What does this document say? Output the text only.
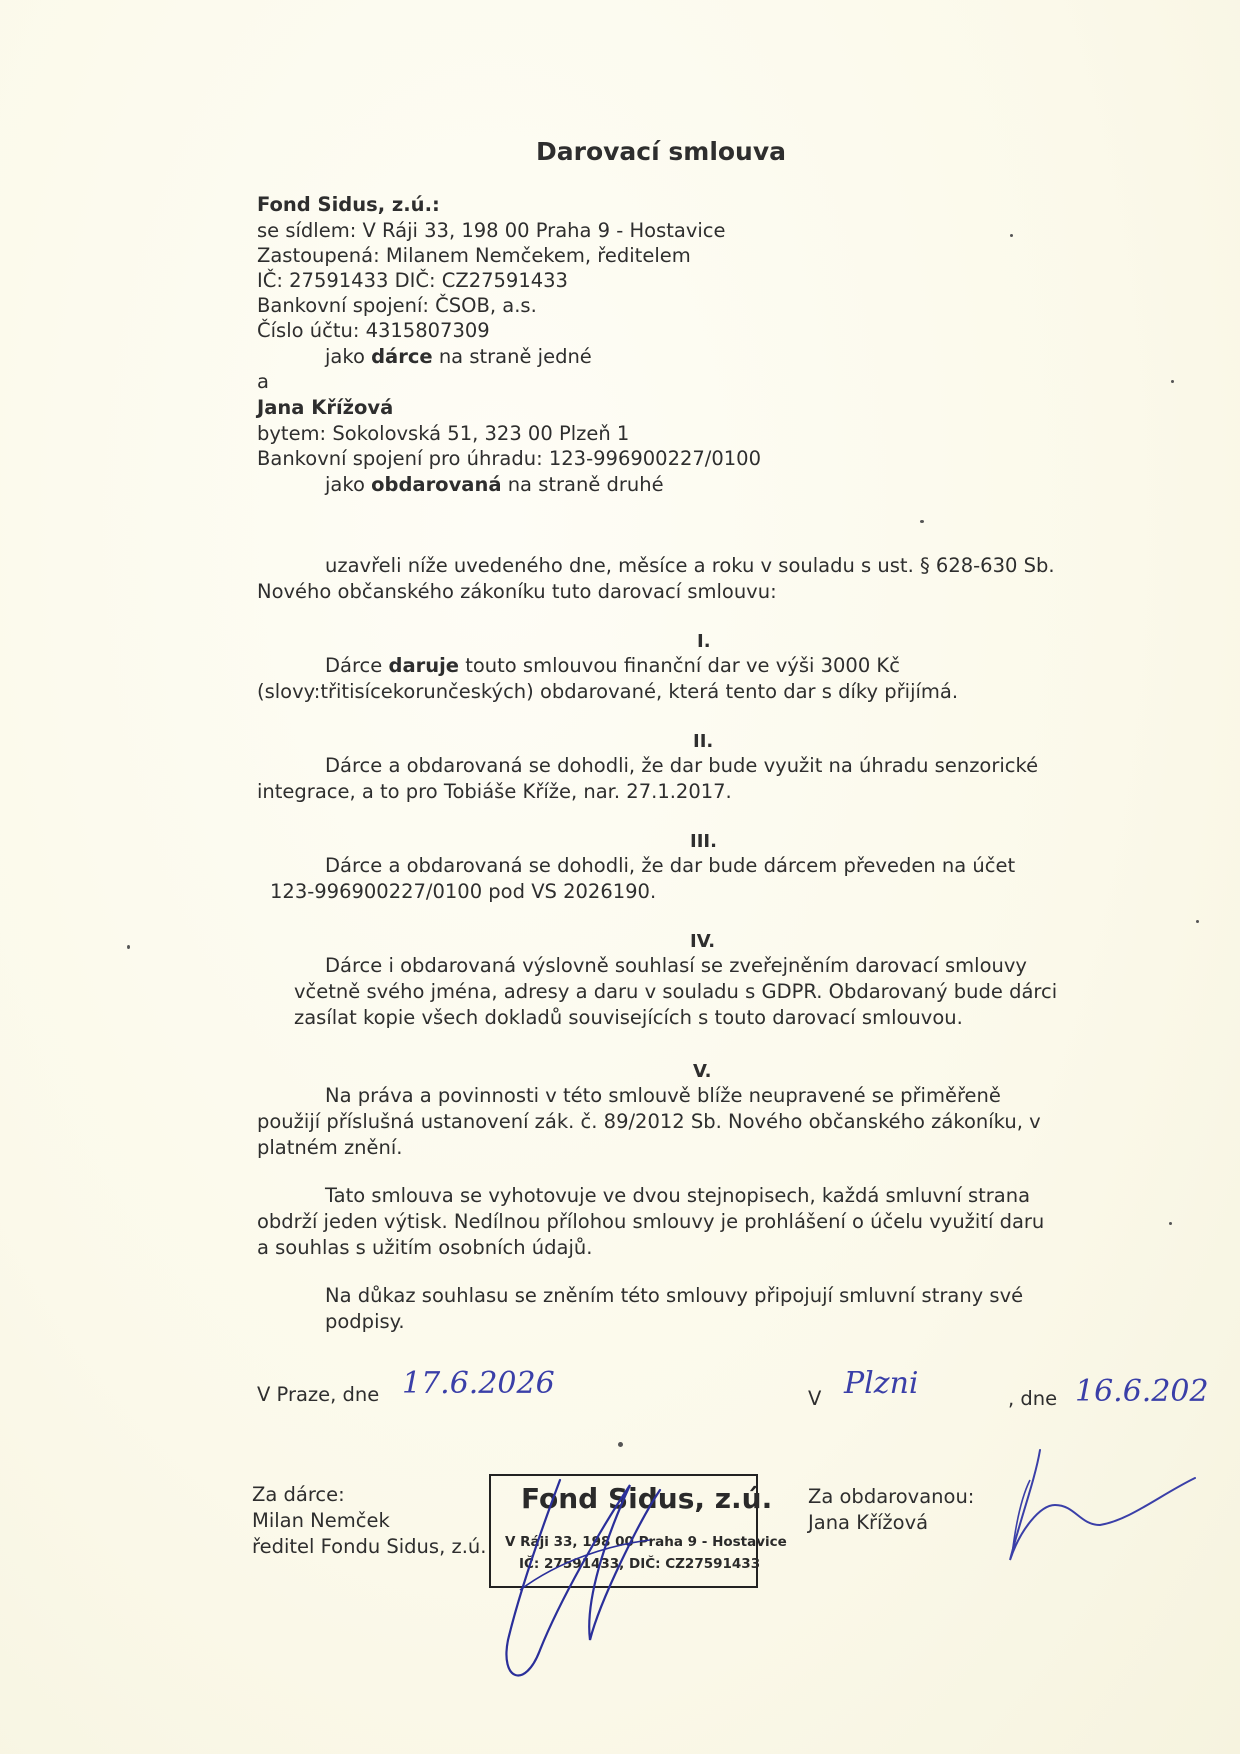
Darovací smlouva
Fond Sidus, z.ú.:
se sídlem: V Ráji 33, 198 00 Praha 9 - Hostavice
Zastoupená: Milanem Nemčekem, ředitelem
IČ: 27591433 DIČ: CZ27591433
Bankovní spojení: ČSOB, a.s.
Číslo účtu: 4315807309
jako dárce na straně jedné
a
Jana Křížová
bytem: Sokolovská 51, 323 00 Plzeň 1
Bankovní spojení pro úhradu: 123-996900227/0100
jako obdarovaná na straně druhé
uzavřeli níže uvedeného dne, měsíce a roku v souladu s ust. § 628-630 Sb.
Nového občanského zákoníku tuto darovací smlouvu:
I.
Dárce daruje touto smlouvou finanční dar ve výši 3000 Kč
(slovy:třitisícekorunčeských) obdarované, která tento dar s díky přijímá.
II.
Dárce a obdarovaná se dohodli, že dar bude využit na úhradu senzorické
integrace, a to pro Tobiáše Kříže, nar. 27.1.2017.
III.
Dárce a obdarovaná se dohodli, že dar bude dárcem převeden na účet
123-996900227/0100 pod VS 2026190.
IV.
Dárce i obdarovaná výslovně souhlasí se zveřejněním darovací smlouvy
včetně svého jména, adresy a daru v souladu s GDPR. Obdarovaný bude dárci
zasílat kopie všech dokladů souvisejících s touto darovací smlouvou.
V.
Na práva a povinnosti v této smlouvě blíže neupravené se přiměřeně
použijí příslušná ustanovení zák. č. 89/2012 Sb. Nového občanského zákoníku, v
platném znění.
Tato smlouva se vyhotovuje ve dvou stejnopisech, každá smluvní strana
obdrží jeden výtisk. Nedílnou přílohou smlouvy je prohlášení o účelu využití daru
a souhlas s užitím osobních údajů.
Na důkaz souhlasu se zněním této smlouvy připojují smluvní strany své
podpisy.
V Praze, dne 17.6.2026	V Plzni	, dne 16.6.202
Za dárce:
Milan Nemček
ředitel Fondu Sidus, z.ú.
Za obdarovanou:
Jana Křížová
Fond Sidus, z.ú.
V Ráji 33, 198 00 Praha 9 - Hostavice
IČ: 27591433, DIČ: CZ27591433
